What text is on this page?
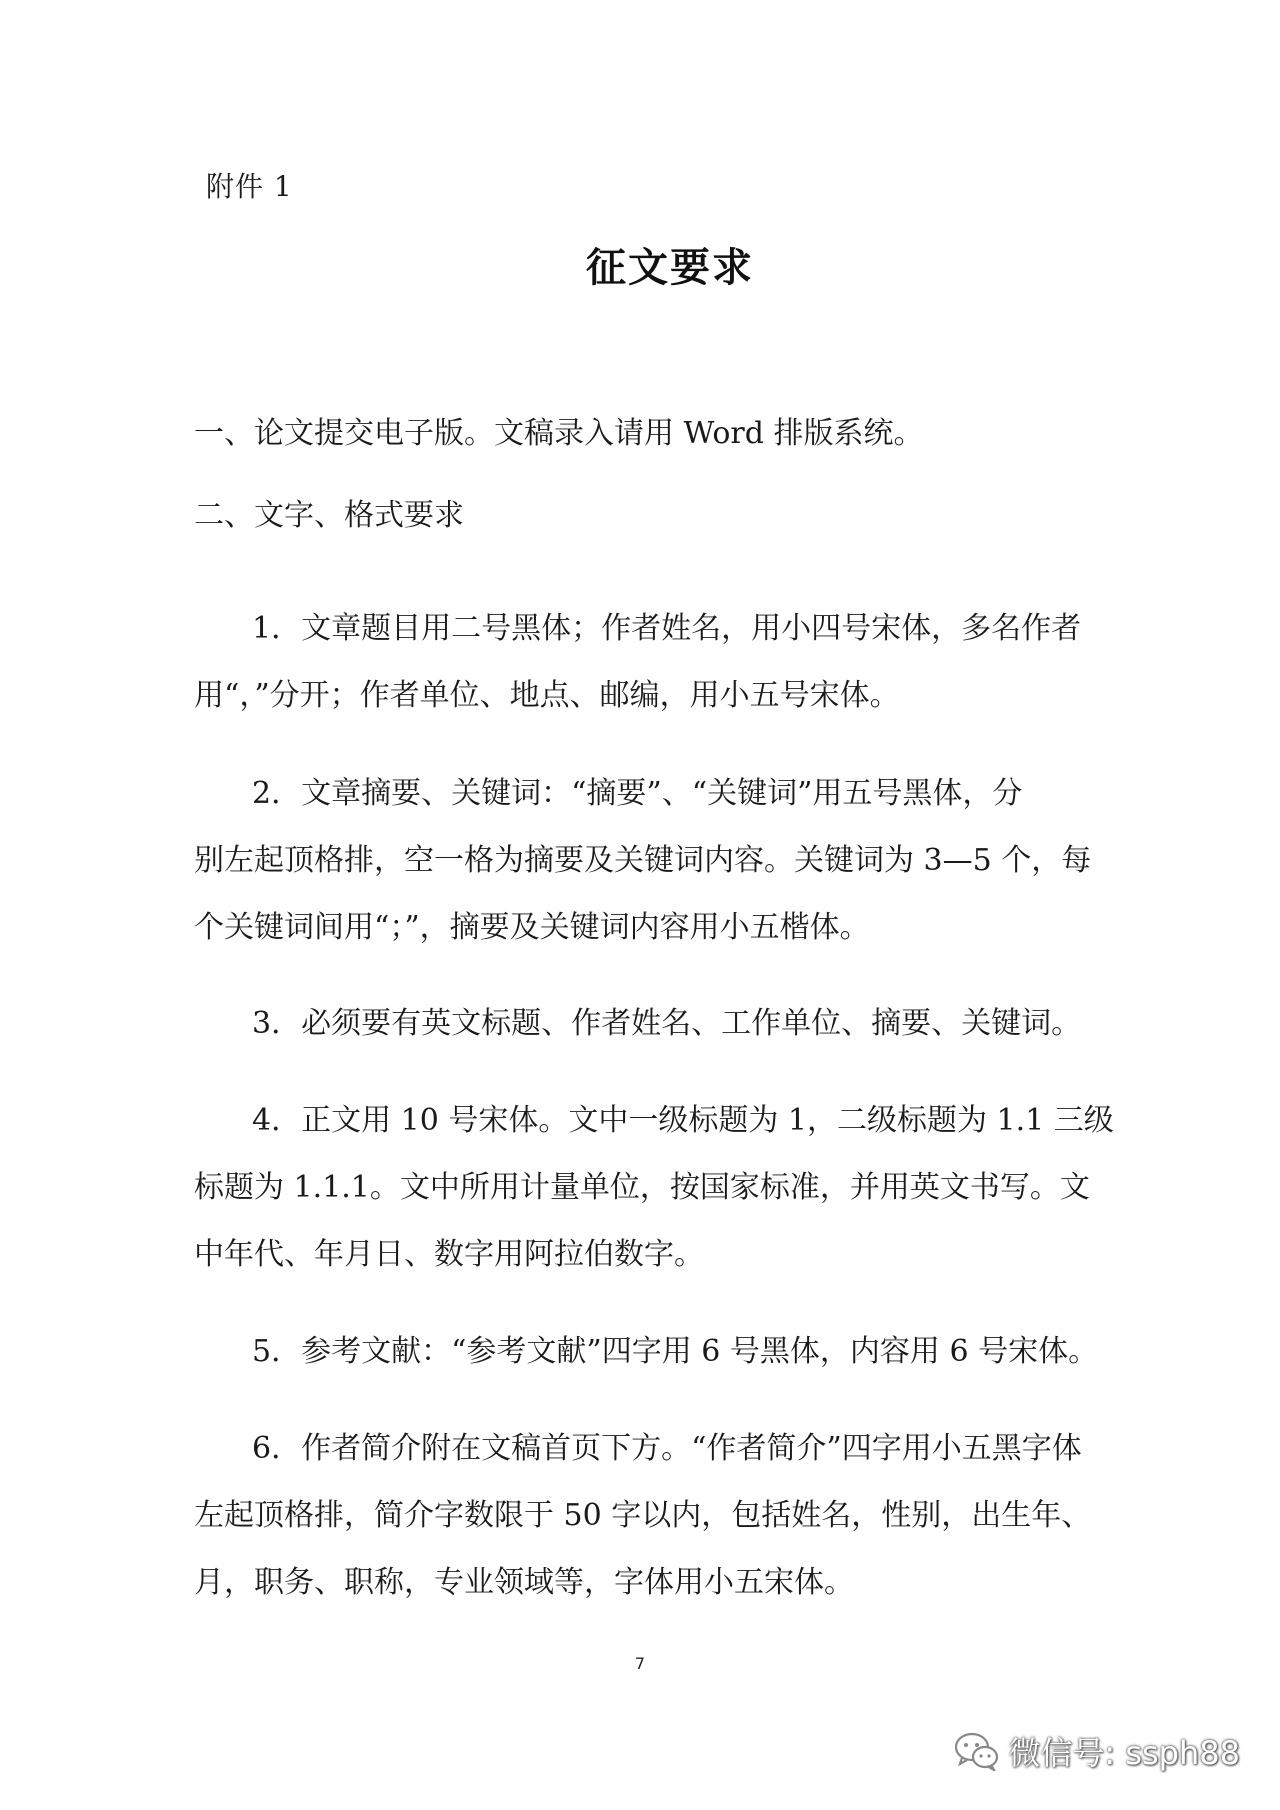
附件 1
征文要求
一、论文提交电子版。文稿录入请用 Word 排版系统。
二、文字、格式要求
1．文章题目用二号黑体；作者姓名，用小四号宋体，多名作者
用“，”分开；作者单位、地点、邮编，用小五号宋体。
2．文章摘要、关键词：“摘要”、“关键词”用五号黑体，分
别左起顶格排，空一格为摘要及关键词内容。关键词为 3—5 个，每
个关键词间用“；”，摘要及关键词内容用小五楷体。
3．必须要有英文标题、作者姓名、工作单位、摘要、关键词。
4．正文用 10 号宋体。文中一级标题为 1，二级标题为 1.1 三级
标题为 1.1.1。文中所用计量单位，按国家标准，并用英文书写。文
中年代、年月日、数字用阿拉伯数字。
5．参考文献：“参考文献”四字用 6 号黑体，内容用 6 号宋体。
6．作者简介附在文稿首页下方。“作者简介”四字用小五黑字体
左起顶格排，简介字数限于 50 字以内，包括姓名，性别，出生年、
月，职务、职称，专业领域等，字体用小五宋体。
7
微信号: ssph88
